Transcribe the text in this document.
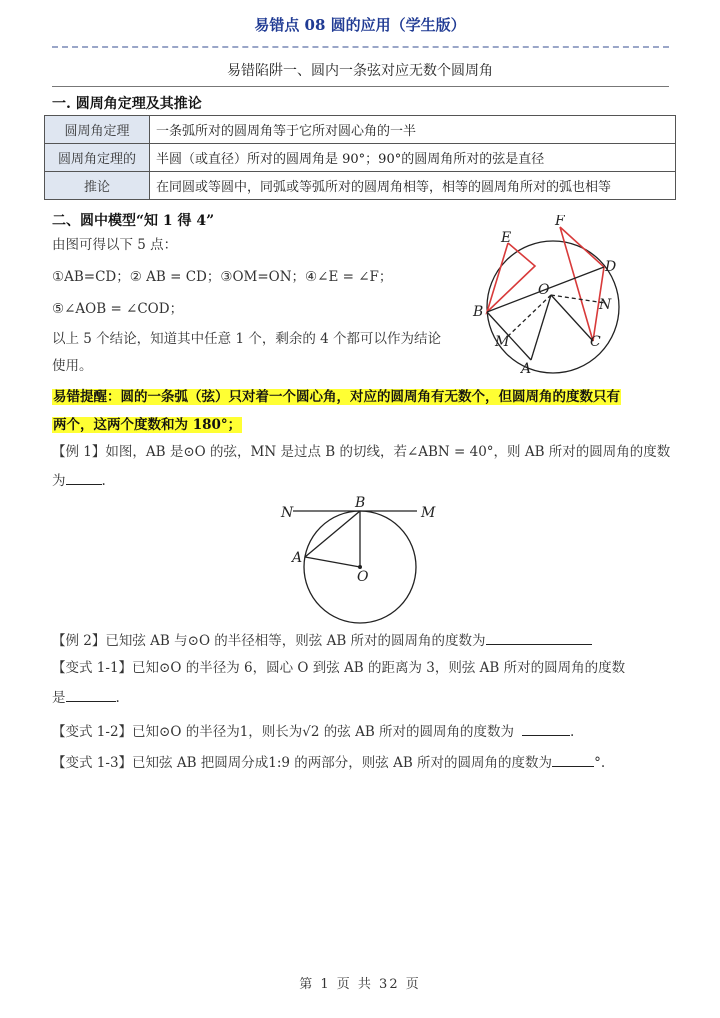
易错点 08 圆的应用（学生版）
易错陷阱一、圆内一条弦对应无数个圆周角
一. 圆周角定理及其推论
圆周角定理	一条弧所对的圆周角等于它所对圆心角的一半
圆周角定理的	半圆（或直径）所对的圆周角是 90°；90°的圆周角所对的弦是直径
推论	在同圆或等圆中，同弧或等弧所对的圆周角相等，相等的圆周角所对的弧也相等
二、圆中模型“知 1 得 4”
由图可得以下 5 点：
①AB=CD；② AB = CD；③OM=ON；④∠E = ∠F；
⑤∠AOB = ∠COD；
以上 5 个结论，知道其中任意 1 个，剩余的 4 个都可以作为结论
使用。
E
F
D
O
N
B
M	C
A
易错提醒：圆的一条弧（弦）只对着一个圆心角，对应的圆周角有无数个，但圆周角的度数只有
两个，这两个度数和为 180°；
【例 1】如图，AB 是⊙O 的弦，MN 是过点 B 的切线，若∠ABN = 40°，则 AB 所对的圆周角的度数
为	.
N
B
M
A
O
【例 2】已知弦 AB 与⊙O 的半径相等，则弦 AB 所对的圆周角的度数为
【变式 1-1】已知⊙O 的半径为 6，圆心 O 到弦 AB 的距离为 3，则弦 AB 所对的圆周角的度数
是	.
【变式 1-2】已知⊙O 的半径为1，则长为√2 的弦 AB 所对的圆周角的度数为	.
【变式 1-3】已知弦 AB 把圆周分成1:9 的两部分，则弦 AB 所对的圆周角的度数为	°.
第 1 页 共 32 页
